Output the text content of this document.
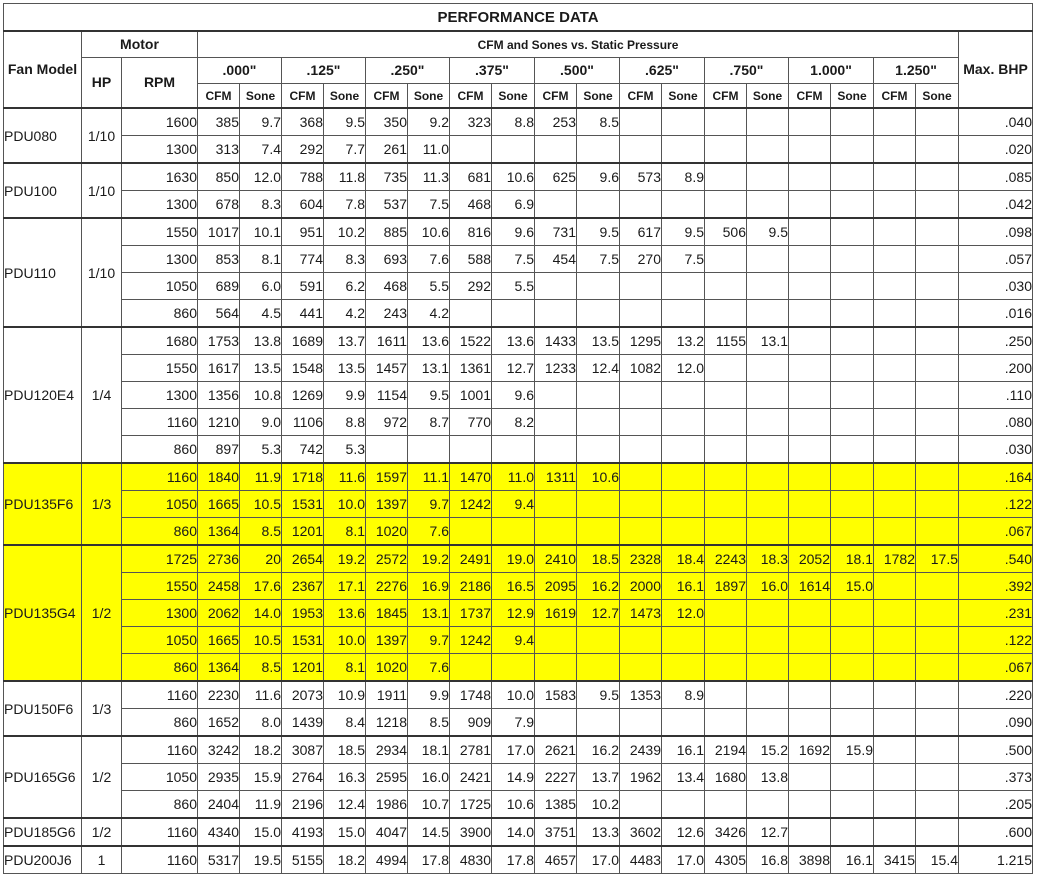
PERFORMANCE DATA																					
Fan Model	Motor		CFM and Sones vs. Static Pressure																		Max. BHP
	HP	RPM	.000"		.125"		.250"		.375"		.500"		.625"		.750"		1.000"		1.250"		
			CFM	Sone	CFM	Sone	CFM	Sone	CFM	Sone	CFM	Sone	CFM	Sone	CFM	Sone	CFM	Sone	CFM	Sone	
PDU080	1/10	1600	385	9.7	368	9.5	350	9.2	323	8.8	253	8.5									.040
		1300	313	7.4	292	7.7	261	11.0													.020
PDU100	1/10	1630	850	12.0	788	11.8	735	11.3	681	10.6	625	9.6	573	8.9							.085
		1300	678	8.3	604	7.8	537	7.5	468	6.9											.042
PDU110	1/10	1550	1017	10.1	951	10.2	885	10.6	816	9.6	731	9.5	617	9.5	506	9.5					.098
		1300	853	8.1	774	8.3	693	7.6	588	7.5	454	7.5	270	7.5							.057
		1050	689	6.0	591	6.2	468	5.5	292	5.5											.030
		860	564	4.5	441	4.2	243	4.2													.016
PDU120E4	1/4	1680	1753	13.8	1689	13.7	1611	13.6	1522	13.6	1433	13.5	1295	13.2	1155	13.1					.250
		1550	1617	13.5	1548	13.5	1457	13.1	1361	12.7	1233	12.4	1082	12.0							.200
		1300	1356	10.8	1269	9.9	1154	9.5	1001	9.6											.110
		1160	1210	9.0	1106	8.8	972	8.7	770	8.2											.080
		860	897	5.3	742	5.3															.030
PDU135F6	1/3	1160	1840	11.9	1718	11.6	1597	11.1	1470	11.0	1311	10.6									.164
		1050	1665	10.5	1531	10.0	1397	9.7	1242	9.4											.122
		860	1364	8.5	1201	8.1	1020	7.6													.067
PDU135G4	1/2	1725	2736	20	2654	19.2	2572	19.2	2491	19.0	2410	18.5	2328	18.4	2243	18.3	2052	18.1	1782	17.5	.540
		1550	2458	17.6	2367	17.1	2276	16.9	2186	16.5	2095	16.2	2000	16.1	1897	16.0	1614	15.0			.392
		1300	2062	14.0	1953	13.6	1845	13.1	1737	12.9	1619	12.7	1473	12.0							.231
		1050	1665	10.5	1531	10.0	1397	9.7	1242	9.4											.122
		860	1364	8.5	1201	8.1	1020	7.6													.067
PDU150F6	1/3	1160	2230	11.6	2073	10.9	1911	9.9	1748	10.0	1583	9.5	1353	8.9							.220
		860	1652	8.0	1439	8.4	1218	8.5	909	7.9											.090
PDU165G6	1/2	1160	3242	18.2	3087	18.5	2934	18.1	2781	17.0	2621	16.2	2439	16.1	2194	15.2	1692	15.9			.500
		1050	2935	15.9	2764	16.3	2595	16.0	2421	14.9	2227	13.7	1962	13.4	1680	13.8					.373
		860	2404	11.9	2196	12.4	1986	10.7	1725	10.6	1385	10.2									.205
PDU185G6	1/2	1160	4340	15.0	4193	15.0	4047	14.5	3900	14.0	3751	13.3	3602	12.6	3426	12.7					.600
PDU200J6	1	1160	5317	19.5	5155	18.2	4994	17.8	4830	17.8	4657	17.0	4483	17.0	4305	16.8	3898	16.1	3415	15.4	1.215
